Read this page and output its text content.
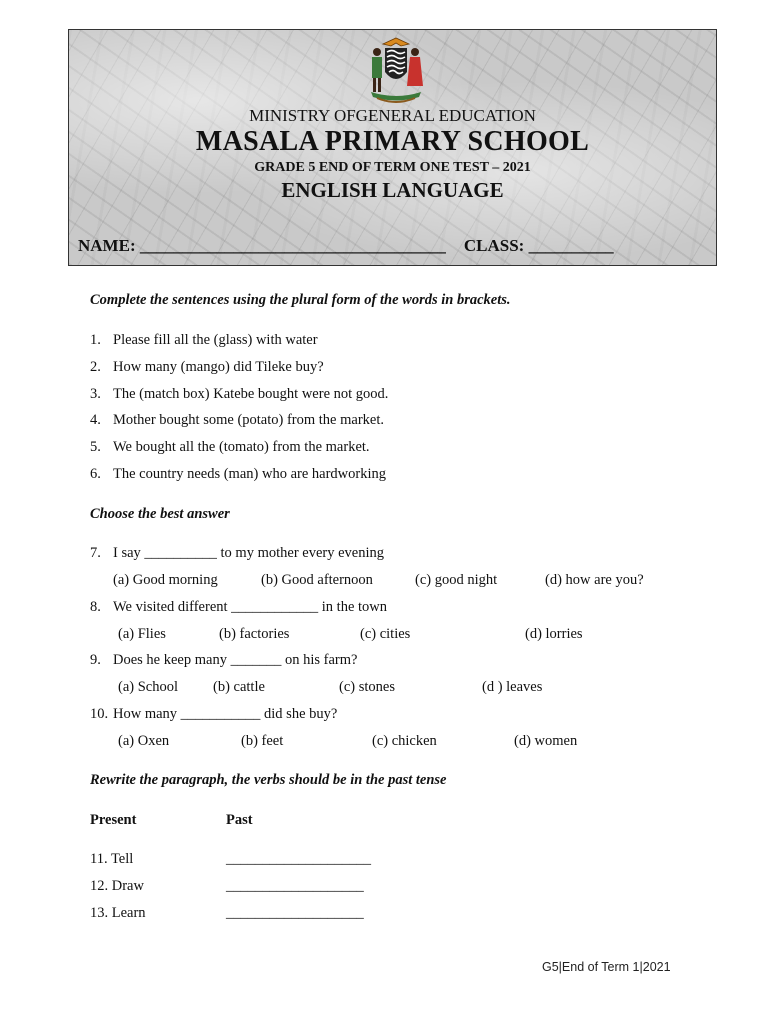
MINISTRY OFGENERAL EDUCATION
MASALA PRIMARY SCHOOL
GRADE 5 END OF TERM ONE TEST – 2021
ENGLISH LANGUAGE
NAME: ____________________________________ CLASS: __________
Complete the sentences using the plural form of the words in brackets.
1. Please fill all the (glass) with water
2. How many (mango) did Tileke buy?
3. The (match box) Katebe bought were not good.
4. Mother bought some (potato) from the market.
5. We bought all the (tomato) from the market.
6. The country needs (man) who are hardworking
Choose the best answer
7. I say __________ to my mother every evening
(a) Good morning	(b) Good afternoon	(c) good night	(d) how are you?
8. We visited different ____________ in the town
(a) Flies	(b) factories	(c) cities	(d) lorries
9. Does he keep many _______ on his farm?
(a) School (b) cattle	(c) stones	(d ) leaves
10. How many ___________ did she buy?
(a) Oxen	(b) feet	(c) chicken	(d) women
Rewrite the paragraph, the verbs should be in the past tense
Present	Past
11. Tell	____________________
12. Draw	___________________
13. Learn	___________________
G5|End of Term 1|2021
